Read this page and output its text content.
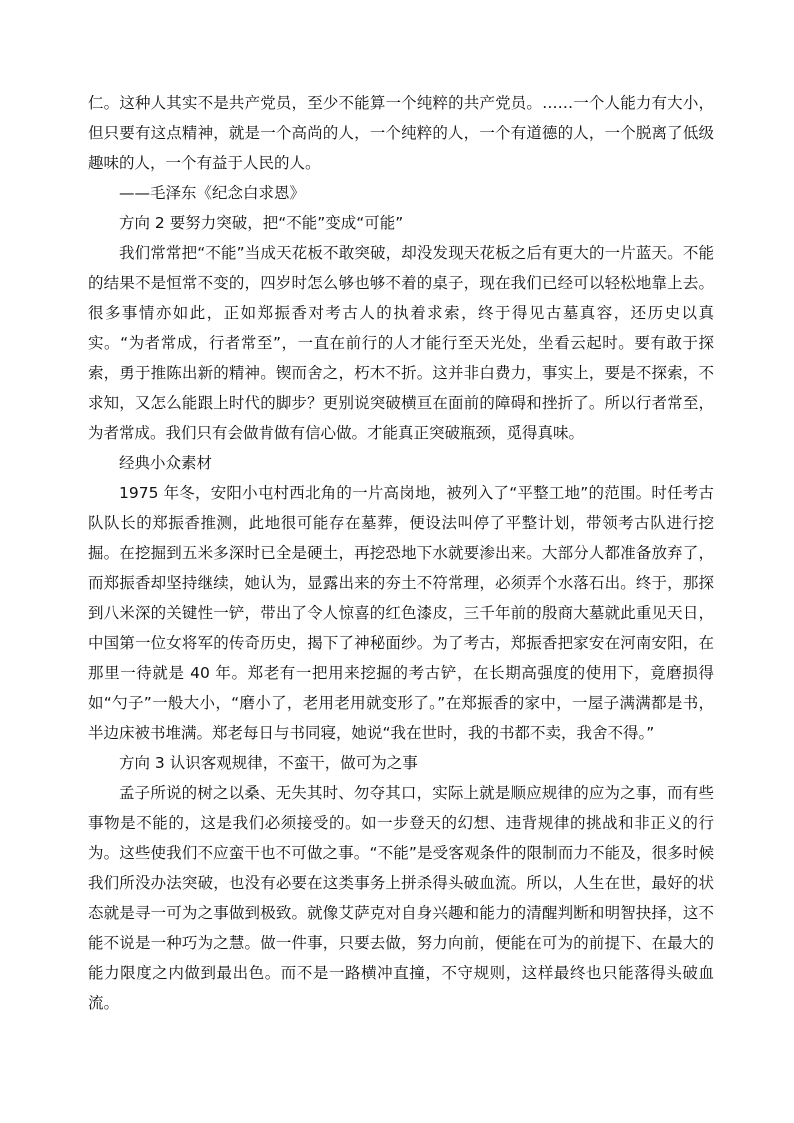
仁。这种人其实不是共产党员，至少不能算一个纯粹的共产党员。……一个人能力有大小，但只要有这点精神，就是一个高尚的人，一个纯粹的人，一个有道德的人，一个脱离了低级趣味的人，一个有益于人民的人。

——毛泽东《纪念白求恩》

方向 2 要努力突破，把“不能”变成“可能”

我们常常把“不能”当成天花板不敢突破，却没发现天花板之后有更大的一片蓝天。不能的结果不是恒常不变的，四岁时怎么够也够不着的桌子，现在我们已经可以轻松地靠上去。很多事情亦如此，正如郑振香对考古人的执着求索，终于得见古墓真容，还历史以真实。“为者常成，行者常至”，一直在前行的人才能行至天光处，坐看云起时。要有敢于探索，勇于推陈出新的精神。锲而舍之，朽木不折。这并非白费力，事实上，要是不探索，不求知，又怎么能跟上时代的脚步？更别说突破横亘在面前的障碍和挫折了。所以行者常至，为者常成。我们只有会做肯做有信心做。才能真正突破瓶颈，觅得真味。

经典小众素材

1975 年冬，安阳小屯村西北角的一片高岗地，被列入了“平整工地”的范围。时任考古队队长的郑振香推测，此地很可能存在墓葬，便设法叫停了平整计划，带领考古队进行挖掘。在挖掘到五米多深时已全是硬土，再挖恐地下水就要渗出来。大部分人都准备放弃了，而郑振香却坚持继续，她认为，显露出来的夯土不符常理，必须弄个水落石出。终于，那探到八米深的关键性一铲，带出了令人惊喜的红色漆皮，三千年前的殷商大墓就此重见天日，中国第一位女将军的传奇历史，揭下了神秘面纱。为了考古，郑振香把家安在河南安阳，在那里一待就是 40 年。郑老有一把用来挖掘的考古铲，在长期高强度的使用下，竟磨损得如“勺子”一般大小，“磨小了，老用老用就变形了。”在郑振香的家中，一屋子满满都是书，半边床被书堆满。郑老每日与书同寝，她说“我在世时，我的书都不卖，我舍不得。”

方向 3 认识客观规律，不蛮干，做可为之事

孟子所说的树之以桑、无失其时、勿夺其口，实际上就是顺应规律的应为之事，而有些事物是不能的，这是我们必须接受的。如一步登天的幻想、违背规律的挑战和非正义的行为。这些使我们不应蛮干也不可做之事。“不能”是受客观条件的限制而力不能及，很多时候我们所没办法突破，也没有必要在这类事务上拼杀得头破血流。所以，人生在世，最好的状态就是寻一可为之事做到极致。就像艾萨克对自身兴趣和能力的清醒判断和明智抉择，这不能不说是一种巧为之慧。做一件事，只要去做，努力向前，便能在可为的前提下、在最大的能力限度之内做到最出色。而不是一路横冲直撞，不守规则，这样最终也只能落得头破血流。
